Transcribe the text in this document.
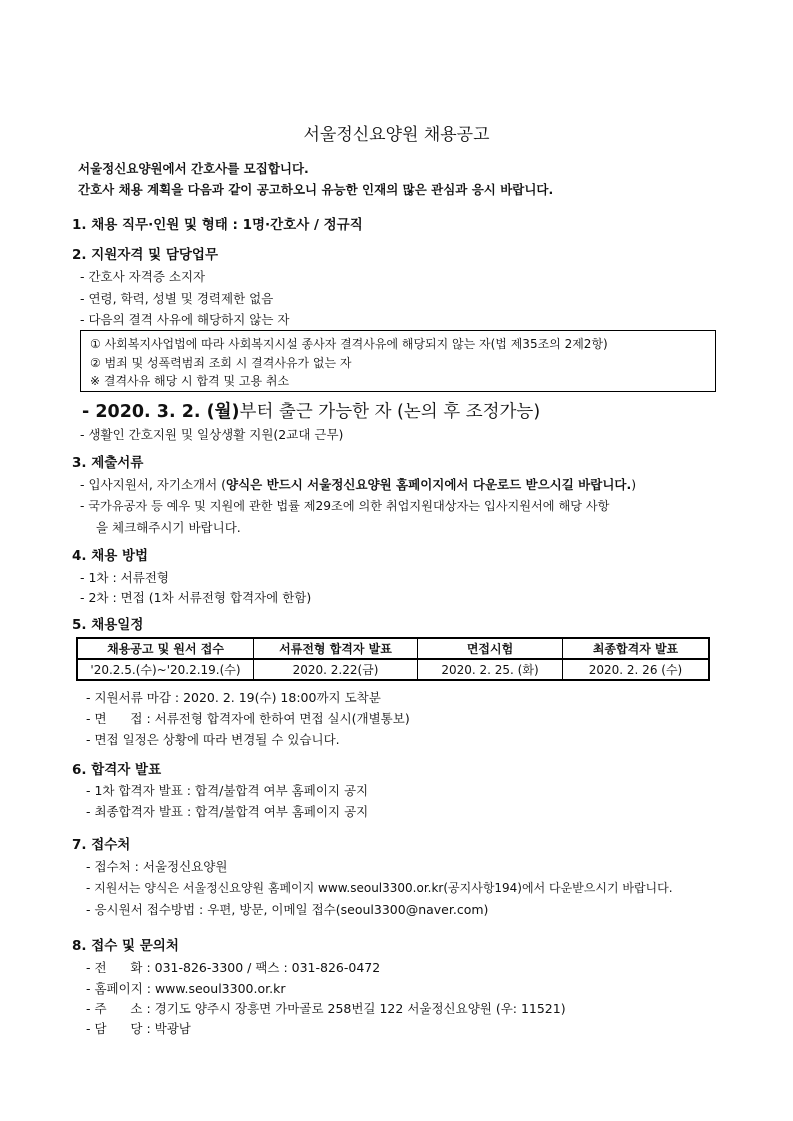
서울정신요양원 채용공고
서울정신요양원에서 간호사를 모집합니다.
간호사 채용 계획을 다음과 같이 공고하오니 유능한 인재의 많은 관심과 응시 바랍니다.
1. 채용 직무·인원 및 형태 : 1명·간호사 / 정규직
2. 지원자격 및 담당업무
- 간호사 자격증 소지자
- 연령, 학력, 성별 및 경력제한 없음
- 다음의 결격 사유에 해당하지 않는 자
① 사회복지사업법에 따라 사회복지시설 종사자 결격사유에 해당되지 않는 자(법 제35조의 2제2항)
② 범죄 및 성폭력범죄 조회 시 결격사유가 없는 자
※ 결격사유 해당 시 합격 및 고용 취소
- 2020. 3. 2. (월)부터 출근 가능한 자 (논의 후 조정가능)
- 생활인 간호지원 및 일상생활 지원(2교대 근무)
3. 제출서류
- 입사지원서, 자기소개서 (양식은 반드시 서울정신요양원 홈페이지에서 다운로드 받으시길 바랍니다.)
- 국가유공자 등 예우 및 지원에 관한 법률 제29조에 의한 취업지원대상자는 입사지원서에 해당 사항
을 체크해주시기 바랍니다.
4. 채용 방법
- 1차 : 서류전형
- 2차 : 면접 (1차 서류전형 합격자에 한함)
5. 채용일정
채용공고 및 원서 접수	서류전형 합격자 발표	면접시험	최종합격자 발표
'20.2.5.(수)~'20.2.19.(수)	2020. 2.22(금)	2020. 2. 25. (화)	2020. 2. 26 (수)
- 지원서류 마감 : 2020. 2. 19(수) 18:00까지 도착분
- 면      접 : 서류전형 합격자에 한하여 면접 실시(개별통보)
- 면접 일정은 상황에 따라 변경될 수 있습니다.
6. 합격자 발표
- 1차 합격자 발표 : 합격/불합격 여부 홈페이지 공지
- 최종합격자 발표 : 합격/불합격 여부 홈페이지 공지
7. 접수처
- 접수처 : 서울정신요양원
- 지원서는 양식은 서울정신요양원 홈페이지 www.seoul3300.or.kr(공지사항194)에서 다운받으시기 바랍니다.
- 응시원서 접수방법 : 우편, 방문, 이메일 접수(seoul3300@naver.com)
8. 접수 및 문의처
- 전      화 : 031-826-3300 / 팩스 : 031-826-0472
- 홈페이지 : www.seoul3300.or.kr
- 주      소 : 경기도 양주시 장흥면 가마골로 258번길 122 서울정신요양원 (우: 11521)
- 담      당 : 박광남
